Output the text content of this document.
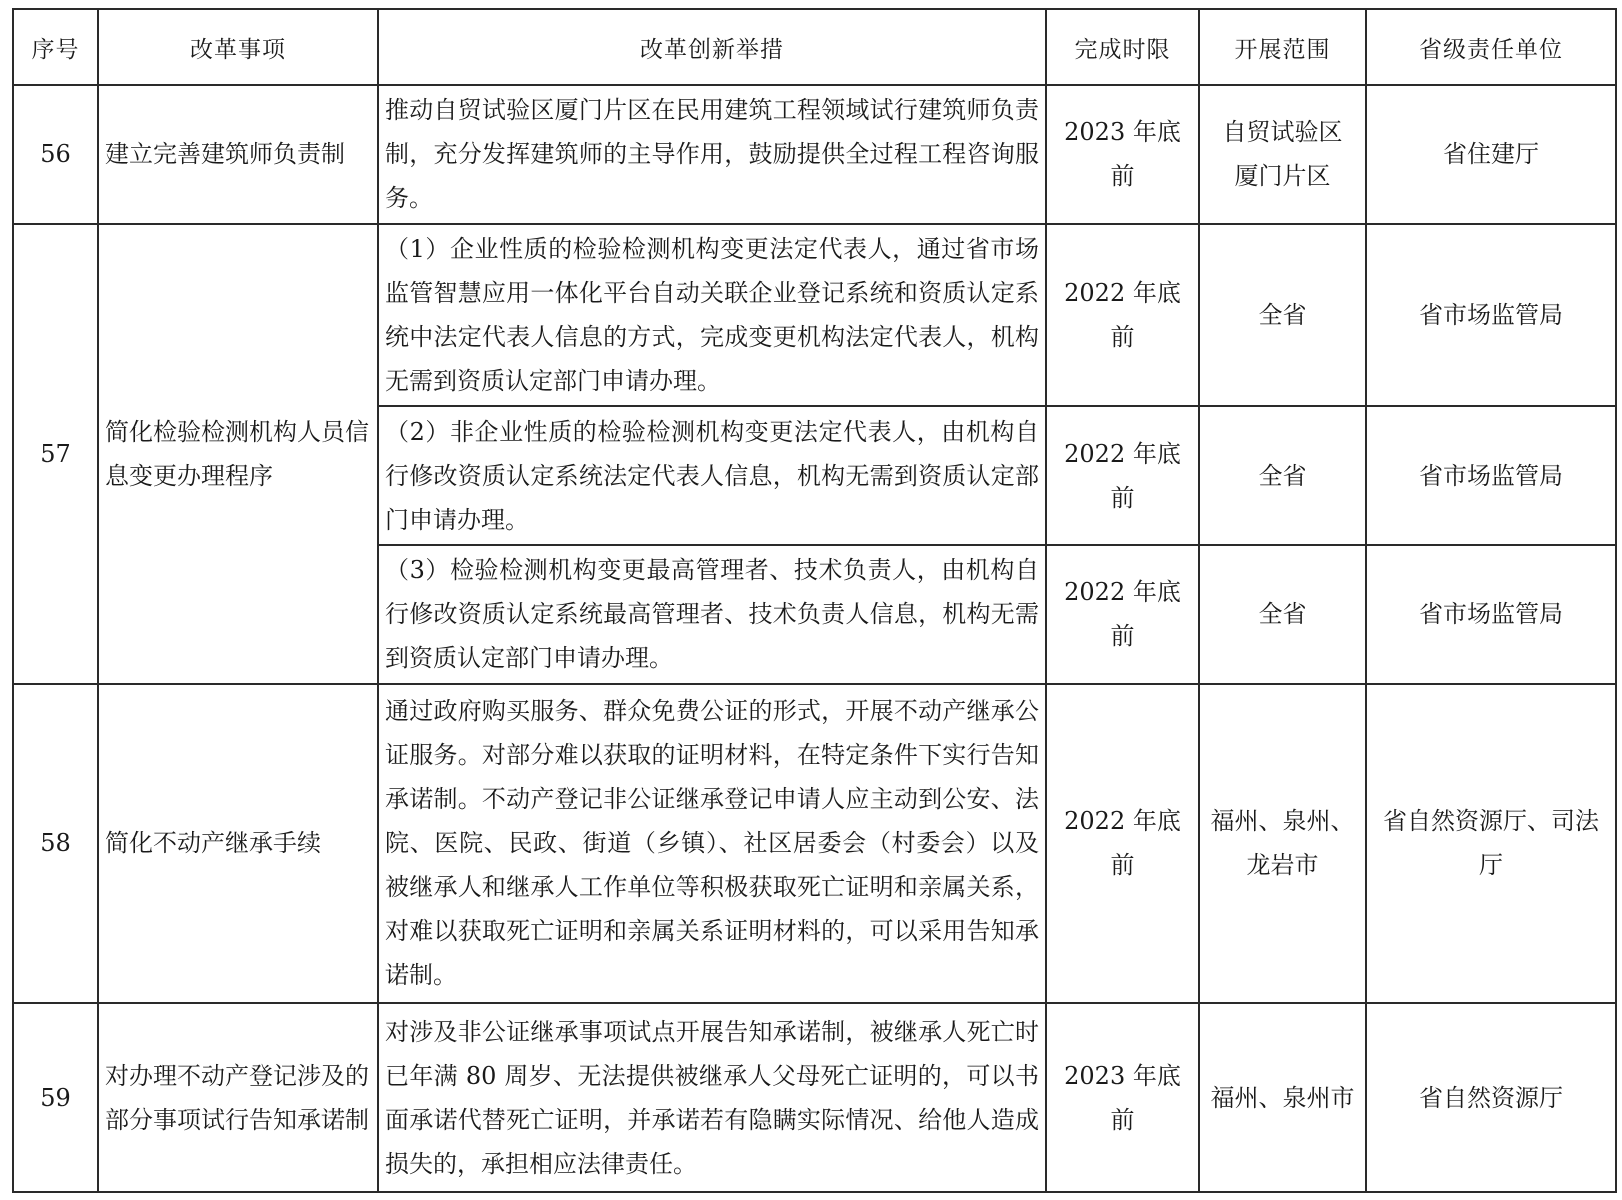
序号	改革事项	改革创新举措	完成时限	开展范围	省级责任单位
56	建立完善建筑师负责制	推动自贸试验区厦门片区在民用建筑工程领域试行建筑师负责制，充分发挥建筑师的主导作用，鼓励提供全过程工程咨询服务。	2023 年底前	自贸试验区厦门片区	省住建厅
57	简化检验检测机构人员信息变更办理程序	（1）企业性质的检验检测机构变更法定代表人，通过省市场监管智慧应用一体化平台自动关联企业登记系统和资质认定系统中法定代表人信息的方式，完成变更机构法定代表人，机构无需到资质认定部门申请办理。	2022 年底前	全省	省市场监管局
		（2）非企业性质的检验检测机构变更法定代表人，由机构自行修改资质认定系统法定代表人信息，机构无需到资质认定部门申请办理。	2022 年底前	全省	省市场监管局
		（3）检验检测机构变更最高管理者、技术负责人，由机构自行修改资质认定系统最高管理者、技术负责人信息，机构无需到资质认定部门申请办理。	2022 年底前	全省	省市场监管局
58	简化不动产继承手续	通过政府购买服务、群众免费公证的形式，开展不动产继承公证服务。对部分难以获取的证明材料，在特定条件下实行告知承诺制。不动产登记非公证继承登记申请人应主动到公安、法院、医院、民政、街道（乡镇）、社区居委会（村委会）以及被继承人和继承人工作单位等积极获取死亡证明和亲属关系，对难以获取死亡证明和亲属关系证明材料的，可以采用告知承诺制。	2022 年底前	福州、泉州、龙岩市	省自然资源厅、司法厅
59	对办理不动产登记涉及的部分事项试行告知承诺制	对涉及非公证继承事项试点开展告知承诺制，被继承人死亡时已年满 80 周岁、无法提供被继承人父母死亡证明的，可以书面承诺代替死亡证明，并承诺若有隐瞒实际情况、给他人造成损失的，承担相应法律责任。	2023 年底前	福州、泉州市	省自然资源厅
